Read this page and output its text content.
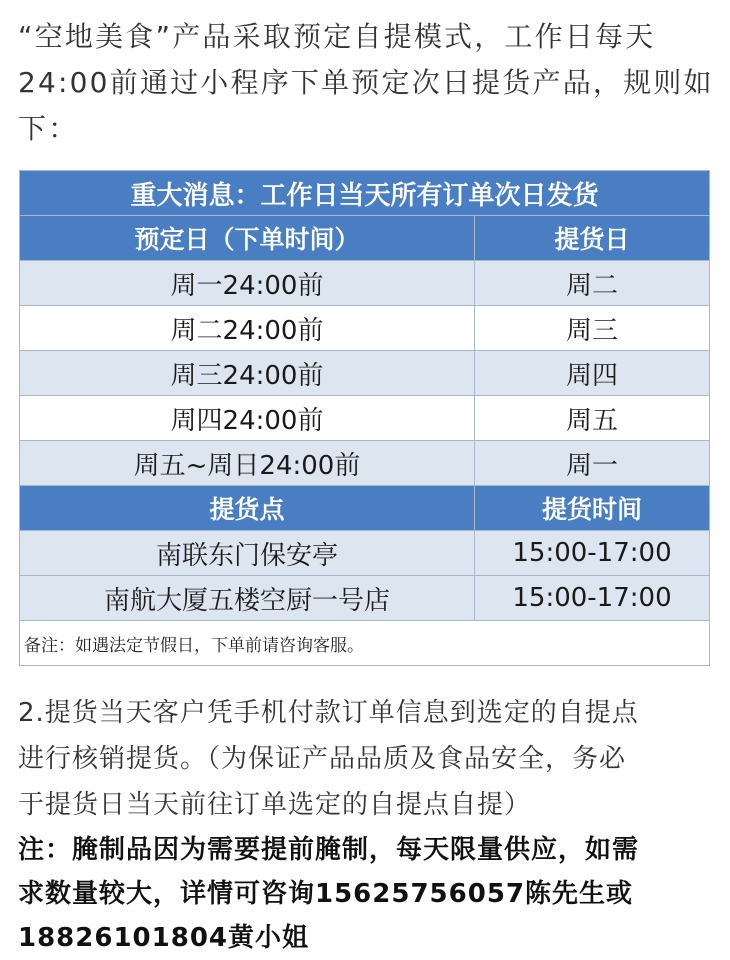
“空地美食”产品采取预定自提模式，工作日每天
24:00前通过小程序下单预定次日提货产品，规则如
下：
重大消息：工作日当天所有订单次日发货	
预定日（下单时间）	提货日
周一24:00前	周二
周二24:00前	周三
周三24:00前	周四
周四24:00前	周五
周五~周日24:00前	周一
提货点	提货时间
南联东门保安亭	15:00-17:00
南航大厦五楼空厨一号店	15:00-17:00
备注：如遇法定节假日，下单前请咨询客服。	
2.提货当天客户凭手机付款订单信息到选定的自提点
进行核销提货。（为保证产品品质及食品安全，务必
于提货日当天前往订单选定的自提点自提）
注：腌制品因为需要提前腌制，每天限量供应，如需
求数量较大，详情可咨询15625756057陈先生或
18826101804黄小姐
